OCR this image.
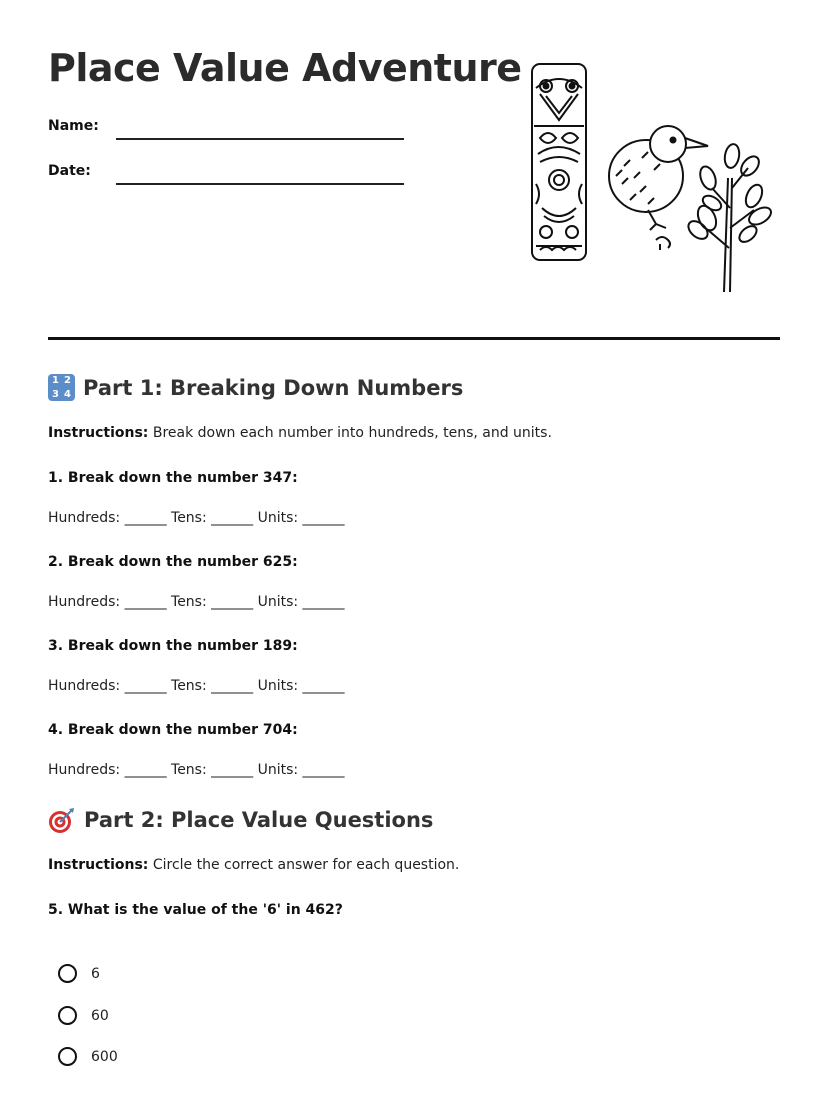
Place Value Adventure
Name:
Date:
1 2
3 4 Part 1: Breaking Down Numbers
Instructions: Break down each number into hundreds, tens, and units.
1. Break down the number 347:
Hundreds: ______ Tens: ______ Units: ______
2. Break down the number 625:
Hundreds: ______ Tens: ______ Units: ______
3. Break down the number 189:
Hundreds: ______ Tens: ______ Units: ______
4. Break down the number 704:
Hundreds: ______ Tens: ______ Units: ______
Part 2: Place Value Questions
Instructions: Circle the correct answer for each question.
5. What is the value of the '6' in 462?
6
60
600
